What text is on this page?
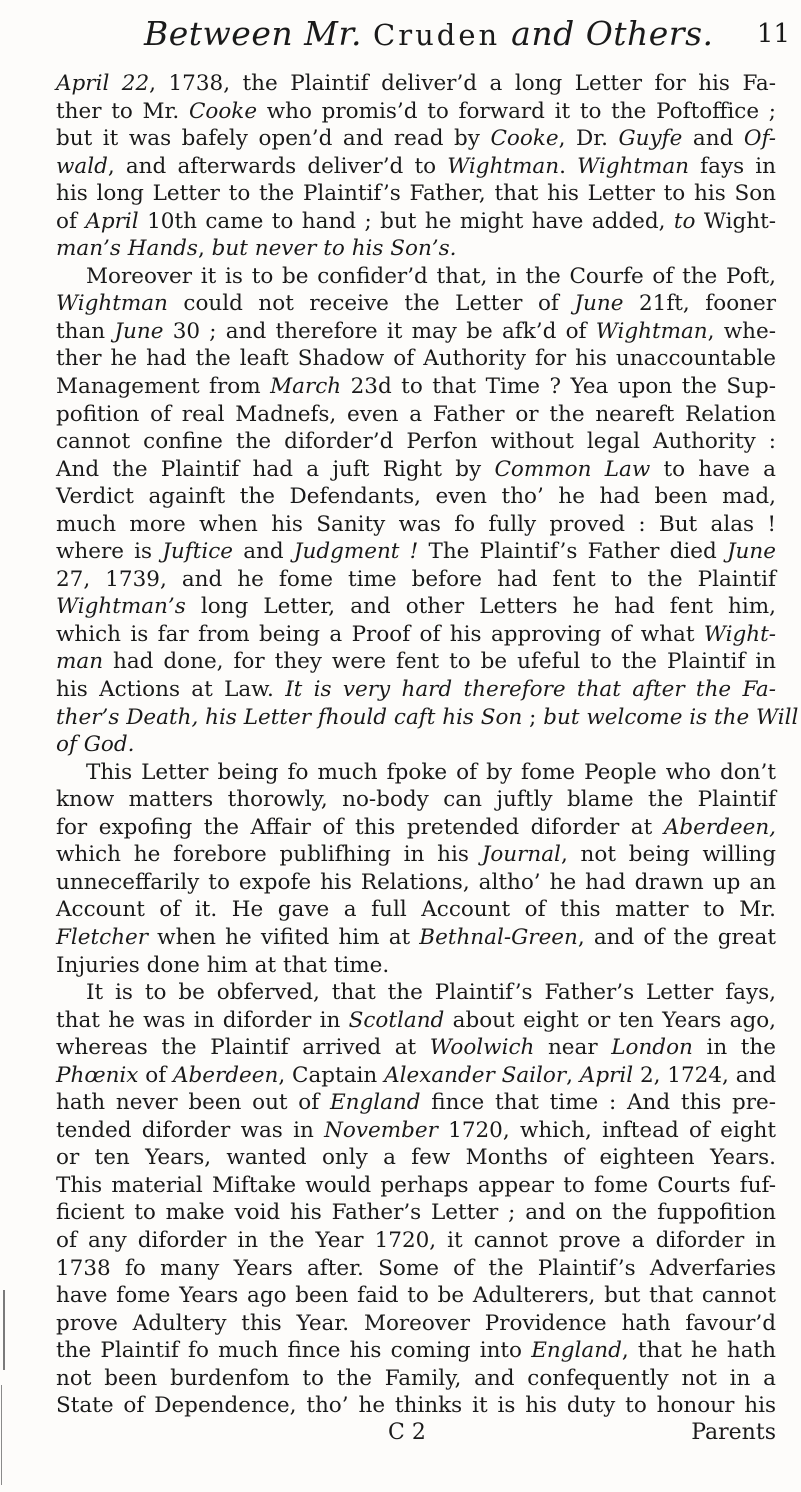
Between Mr. Cruden and Others. 11
April 22, 1738, the Plaintif deliver’d a long Letter for his Fa-
ther to Mr. Cooke who promis’d to forward it to the Poftoffice ;
but it was bafely open’d and read by Cooke, Dr. Guyfe and Of-
wald, and afterwards deliver’d to Wightman. Wightman fays in
his long Letter to the Plaintif’s Father, that his Letter to his Son
of April 10th came to hand ; but he might have added, to Wight-
man’s Hands, but never to his Son’s.
Moreover it is to be confider’d that, in the Courfe of the Poft,
Wightman could not receive the Letter of June 21ft, fooner
than June 30 ; and therefore it may be afk’d of Wightman, whe-
ther he had the leaft Shadow of Authority for his unaccountable
Management from March 23d to that Time ? Yea upon the Sup-
pofition of real Madnefs, even a Father or the neareft Relation
cannot confine the diforder’d Perfon without legal Authority :
And the Plaintif had a juft Right by Common Law to have a
Verdict againft the Defendants, even tho’ he had been mad,
much more when his Sanity was fo fully proved : But alas !
where is Juftice and Judgment ! The Plaintif’s Father died June
27, 1739, and he fome time before had fent to the Plaintif
Wightman’s long Letter, and other Letters he had fent him,
which is far from being a Proof of his approving of what Wight-
man had done, for they were fent to be ufeful to the Plaintif in
his Actions at Law. It is very hard therefore that after the Fa-
ther’s Death, his Letter fhould caft his Son ; but welcome is the Will
of God.
This Letter being fo much fpoke of by fome People who don’t
know matters thorowly, no-body can juftly blame the Plaintif
for expofing the Affair of this pretended diforder at Aberdeen,
which he forebore publifhing in his Journal, not being willing
unneceffarily to expofe his Relations, altho’ he had drawn up an
Account of it. He gave a full Account of this matter to Mr.
Fletcher when he vifited him at Bethnal-Green, and of the great
Injuries done him at that time.
It is to be obferved, that the Plaintif’s Father’s Letter fays,
that he was in diforder in Scotland about eight or ten Years ago,
whereas the Plaintif arrived at Woolwich near London in the
Phœnix of Aberdeen, Captain Alexander Sailor, April 2, 1724, and
hath never been out of England fince that time : And this pre-
tended diforder was in November 1720, which, inftead of eight
or ten Years, wanted only a few Months of eighteen Years.
This material Miftake would perhaps appear to fome Courts fuf-
ficient to make void his Father’s Letter ; and on the fuppofition
of any diforder in the Year 1720, it cannot prove a diforder in
1738 fo many Years after. Some of the Plaintif’s Adverfaries
have fome Years ago been faid to be Adulterers, but that cannot
prove Adultery this Year. Moreover Providence hath favour’d
the Plaintif fo much fince his coming into England, that he hath
not been burdenfom to the Family, and confequently not in a
State of Dependence, tho’ he thinks it is his duty to honour his
C 2	Parents
